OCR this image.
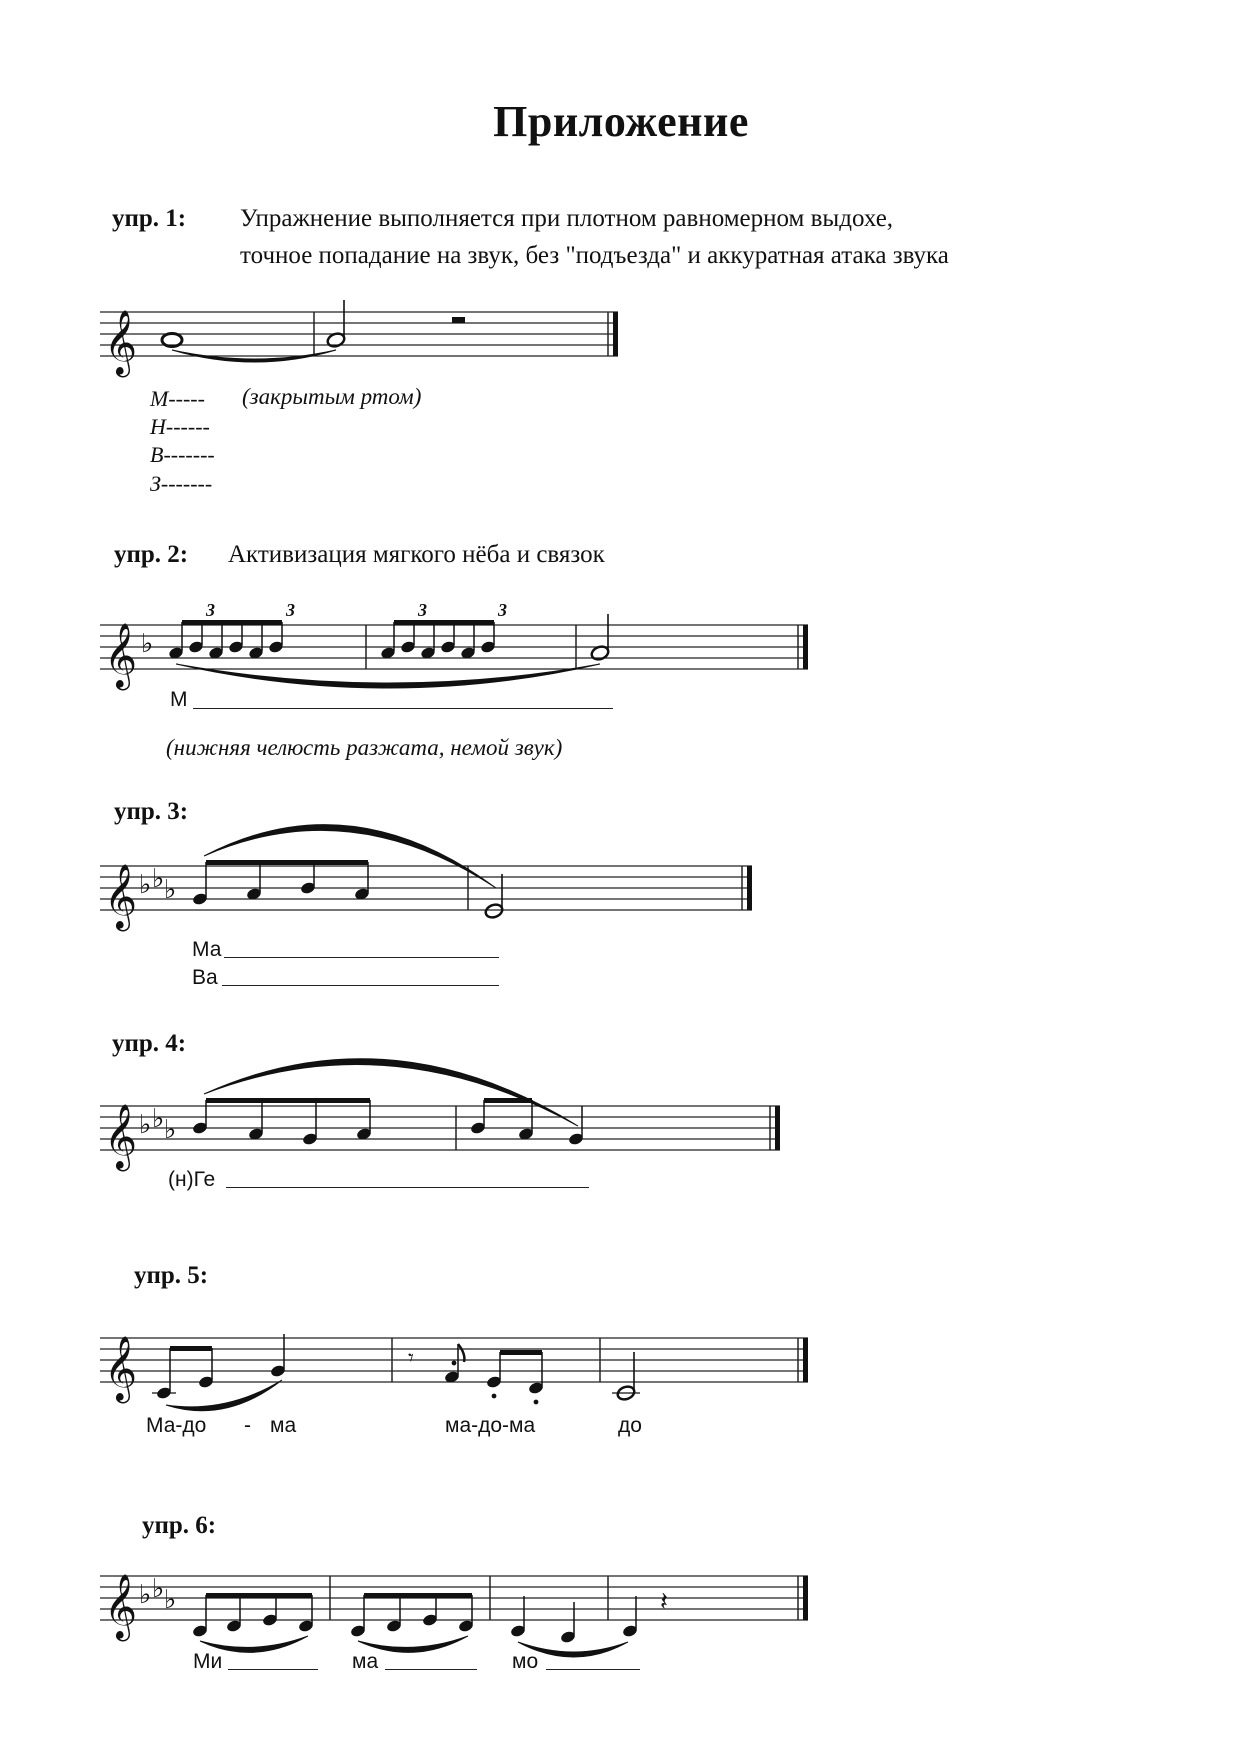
Приложение
упр. 1: Упражнение выполняется при плотном равномерном выдохе,
точное попадание на звук, без "подъезда" и аккуратная атака звука
𝄞
М-----
Н------
В-------
З-------
(закрытым ртом)
упр. 2: Активизация мягкого нёба и связок
𝄞 ♭
3	3	3	3
М
(нижняя челюсть разжата, немой звук)
упр. 3:
𝄞 ♭ ♭ ♭
Ма
Ва
упр. 4:
𝄞 ♭ ♭ ♭
(н)Ге
упр. 5:
𝄞	𝄾
Ма-до - ма	ма-до-ма	до
упр. 6:
𝄞 ♭ ♭ ♭	𝄽
Ми	ма	мо
